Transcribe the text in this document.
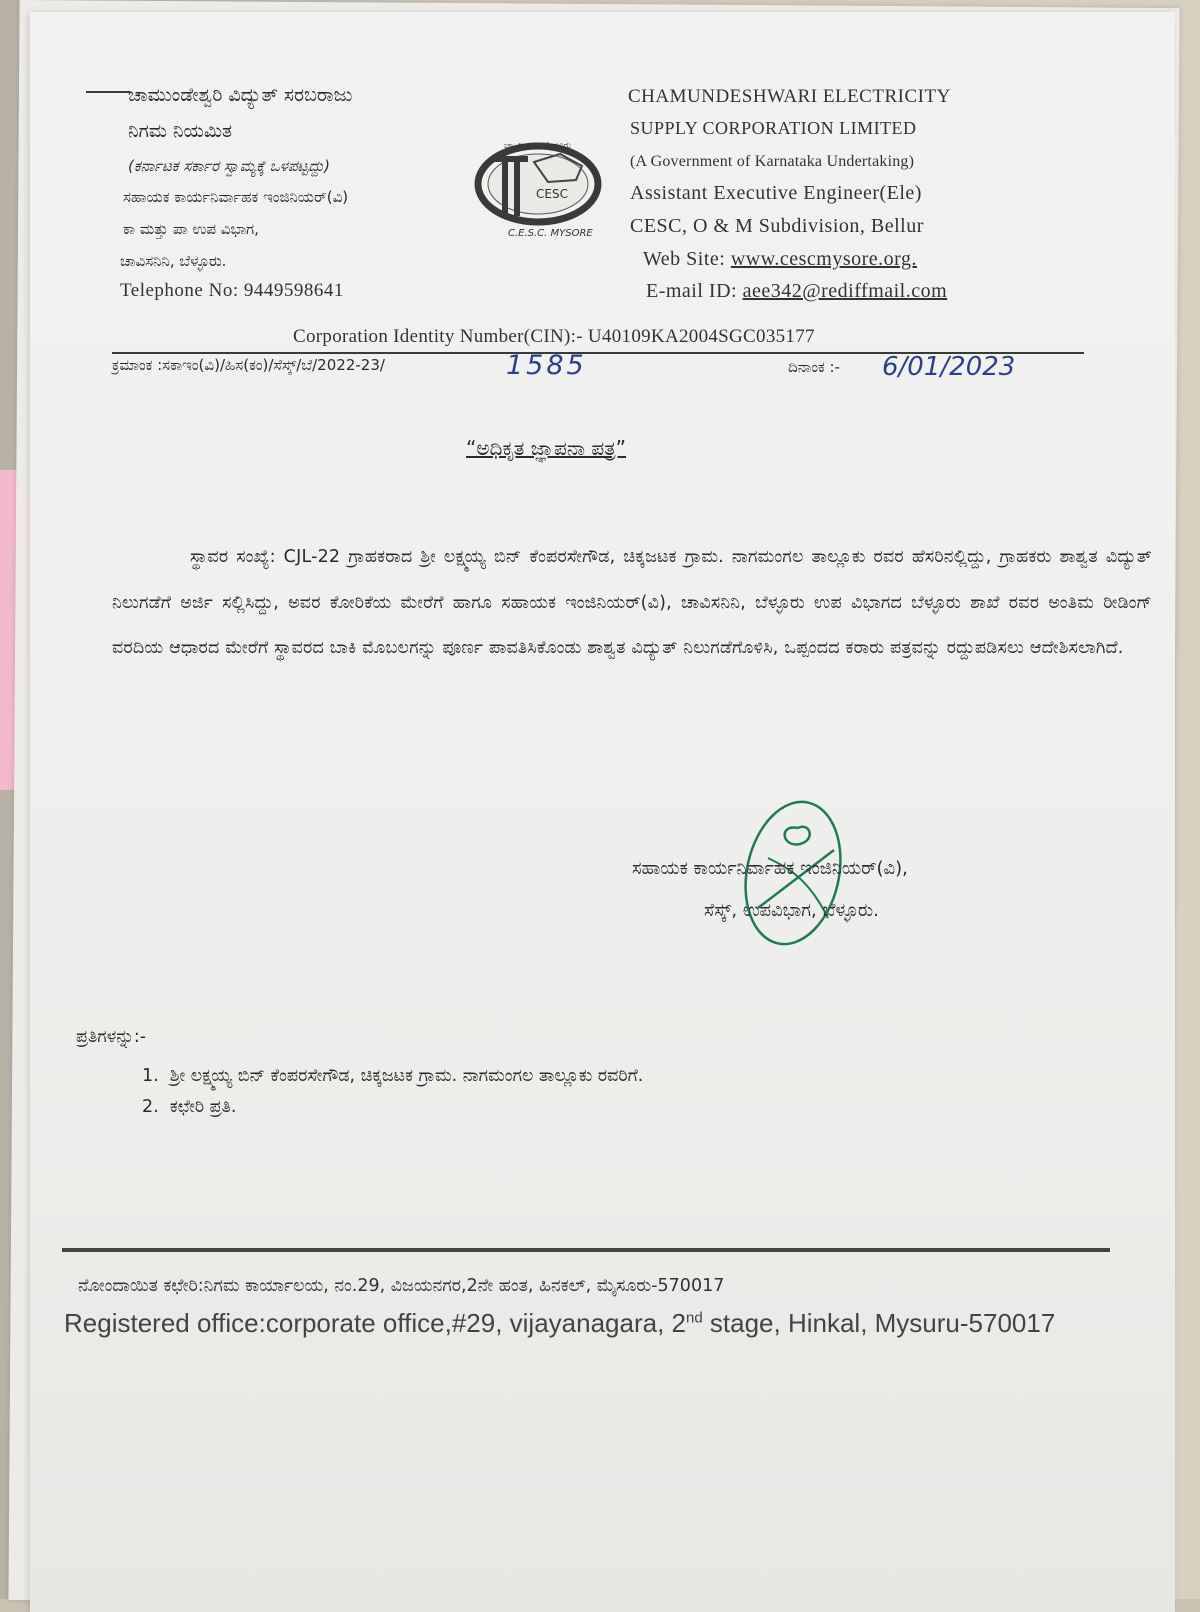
ಚಾಮುಂಡೇಶ್ವರಿ ವಿದ್ಯುತ್ ಸರಬರಾಜು
ನಿಗಮ ನಿಯಮಿತ
(ಕರ್ನಾಟಕ ಸರ್ಕಾರ ಸ್ವಾಮ್ಯಕ್ಕೆ ಒಳಪಟ್ಟದ್ದು)
ಸಹಾಯಕ ಕಾರ್ಯನಿರ್ವಾಹಕ ಇಂಜಿನಿಯರ್(ವಿ)
ಕಾ ಮತ್ತು ಪಾ ಉಪ ವಿಭಾಗ,
ಚಾವಿಸನಿನಿ, ಬೆಳ್ಳೂರು.
Telephone No: 9449598641
CESC
ಚಾ.ವಿ.ಸ.ನಿ. ಮೈಸೂರು
C.E.S.C. MYSORE
CHAMUNDESHWARI ELECTRICITY
SUPPLY CORPORATION LIMITED
(A Government of Karnataka Undertaking)
Assistant Executive Engineer(Ele)
CESC, O & M Subdivision, Bellur
Web Site: www.cescmysore.org.
E-mail ID: aee342@rediffmail.com
Corporation Identity Number(CIN):- U40109KA2004SGC035177
ಕ್ರಮಾಂಕ :ಸಕಾಇಂ(ವಿ)/ಹಿಸ(ಕಂ)/ಸೆಸ್ಕ್/ಬೆ/2022-23/	1585	ದಿನಾಂಕ :- 6/01/2023
“ಅಧಿಕೃತ ಜ್ಞಾಪನಾ ಪತ್ರ”
ಸ್ಥಾವರ ಸಂಖ್ಯೆ: CJL-22 ಗ್ರಾಹಕರಾದ ಶ್ರೀ ಲಕ್ಷ್ಮಯ್ಯ ಬಿನ್ ಕೆಂಪರಸೇಗೌಡ, ಚಿಕ್ಕಜಟಕ ಗ್ರಾಮ. ನಾಗಮಂಗಲ ತಾಲ್ಲೂಕು ರವರ ಹೆಸರಿನಲ್ಲಿದ್ದು, ಗ್ರಾಹಕರು ಶಾಶ್ವತ ವಿದ್ಯುತ್ ನಿಲುಗಡೆಗೆ ಅರ್ಜಿ ಸಲ್ಲಿಸಿದ್ದು, ಅವರ ಕೋರಿಕೆಯ ಮೇರೆಗೆ ಹಾಗೂ ಸಹಾಯಕ ಇಂಜಿನಿಯರ್(ವಿ), ಚಾವಿಸನಿನಿ, ಬೆಳ್ಳೂರು ಉಪ ವಿಭಾಗದ ಬೆಳ್ಳೂರು ಶಾಖೆ ರವರ ಅಂತಿಮ ರೀಡಿಂಗ್ ವರದಿಯ ಆಧಾರದ ಮೇರೆಗೆ ಸ್ಥಾವರದ ಬಾಕಿ ಮೊಬಲಗನ್ನು ಪೂರ್ಣ ಪಾವತಿಸಿಕೊಂಡು ಶಾಶ್ವತ ವಿದ್ಯುತ್ ನಿಲುಗಡೆಗೊಳಿಸಿ, ಒಪ್ಪಂದದ ಕರಾರು ಪತ್ರವನ್ನು ರದ್ದುಪಡಿಸಲು ಆದೇಶಿಸಲಾಗಿದೆ.
ಸಹಾಯಕ ಕಾರ್ಯನಿರ್ವಾಹಕ ಇಂಜಿನಿಯರ್(ವಿ),
ಸೆಸ್ಕ್, ಉಪವಿಭಾಗ, ಬೆಳ್ಳೂರು.
ಪ್ರತಿಗಳನ್ನು:-
1.  ಶ್ರೀ ಲಕ್ಷ್ಮಯ್ಯ ಬಿನ್ ಕೆಂಪರಸೇಗೌಡ, ಚಿಕ್ಕಜಟಕ ಗ್ರಾಮ. ನಾಗಮಂಗಲ ತಾಲ್ಲೂಕು ರವರಿಗೆ.
2.  ಕಛೇರಿ ಪ್ರತಿ.
ನೋಂದಾಯಿತ ಕಛೇರಿ:ನಿಗಮ ಕಾರ್ಯಾಲಯ, ನಂ.29, ವಿಜಯನಗರ,2ನೇ ಹಂತ, ಹಿನಕಲ್, ಮೈಸೂರು-570017
Registered office:corporate office,#29, vijayanagara, 2nd stage, Hinkal, Mysuru-570017
